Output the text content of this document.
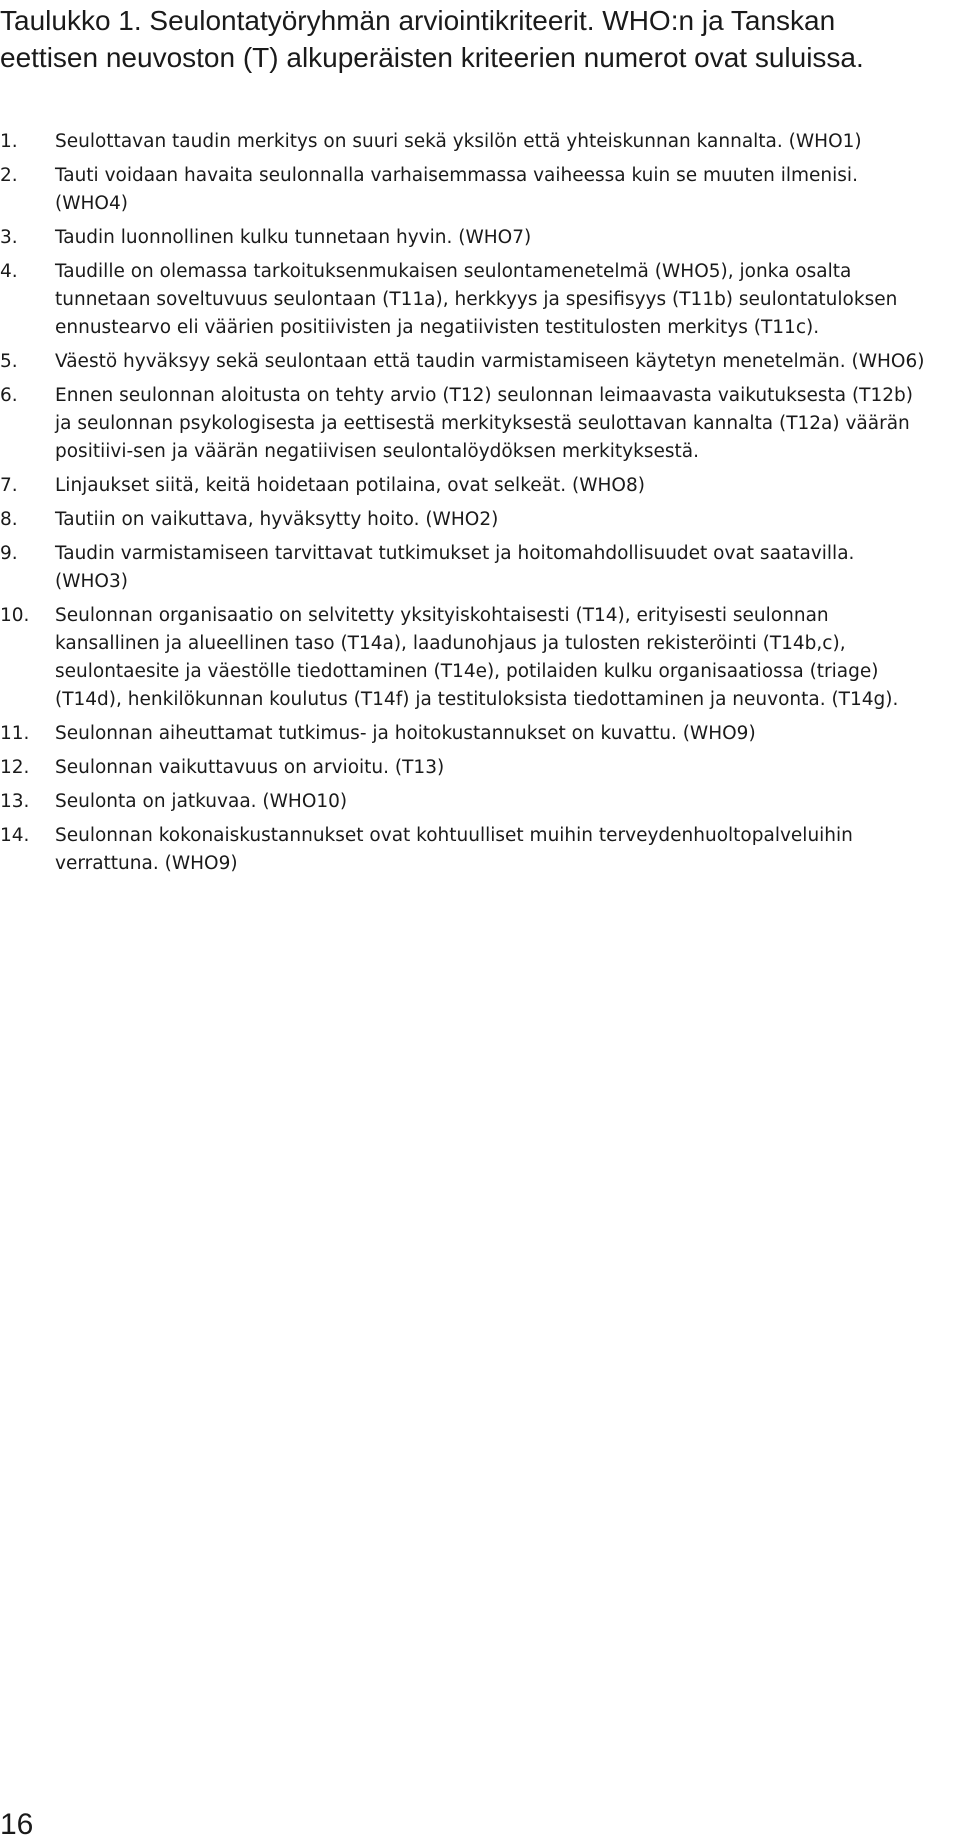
Taulukko 1. Seulontatyöryhmän arviointikriteerit. WHO:n ja Tanskan eettisen neuvoston (T) alkuperäisten kriteerien numerot ovat suluissa.
1.	Seulottavan taudin merkitys on suuri sekä yksilön että yhteiskunnan kannalta. (WHO1)
2.	Tauti voidaan havaita seulonnalla varhaisemmassa vaiheessa kuin se muuten ilmenisi. (WHO4)
3.	Taudin luonnollinen kulku tunnetaan hyvin. (WHO7)
4.	Taudille on olemassa tarkoituksenmukaisen seulontamenetelmä (WHO5), jonka osalta tunnetaan soveltuvuus seulontaan (T11a), herkkyys ja spesifisyys (T11b) seulontatuloksen ennustearvo eli väärien positiivisten ja negatiivisten testitulosten merkitys (T11c).
5.	Väestö hyväksyy sekä seulontaan että taudin varmistamiseen käytetyn menetelmän. (WHO6)
6.	Ennen seulonnan aloitusta on tehty arvio (T12) seulonnan leimaavasta vaikutuksesta (T12b) ja seulonnan psykologisesta ja eettisestä merkityksestä seulottavan kannalta (T12a) väärän positiivi-sen ja väärän negatiivisen seulontalöydöksen merkityksestä.
7.	Linjaukset siitä, keitä hoidetaan potilaina, ovat selkeät. (WHO8)
8.	Tautiin on vaikuttava, hyväksytty hoito. (WHO2)
9.	Taudin varmistamiseen tarvittavat tutkimukset ja hoitomahdollisuudet ovat saatavilla. (WHO3)
10.	Seulonnan organisaatio on selvitetty yksityiskohtaisesti (T14), erityisesti seulonnan kansallinen ja alueellinen taso (T14a), laadunohjaus ja tulosten rekisteröinti (T14b,c), seulontaesite ja väestölle tiedottaminen (T14e), potilaiden kulku organisaatiossa (triage) (T14d), henkilökunnan koulutus (T14f) ja testituloksista tiedottaminen ja neuvonta. (T14g).
11.	Seulonnan aiheuttamat tutkimus- ja hoitokustannukset on kuvattu. (WHO9)
12.	Seulonnan vaikuttavuus on arvioitu. (T13)
13.	Seulonta on jatkuvaa. (WHO10)
14.	Seulonnan kokonaiskustannukset ovat kohtuulliset muihin terveydenhuoltopalveluihin verrattuna. (WHO9)
16
